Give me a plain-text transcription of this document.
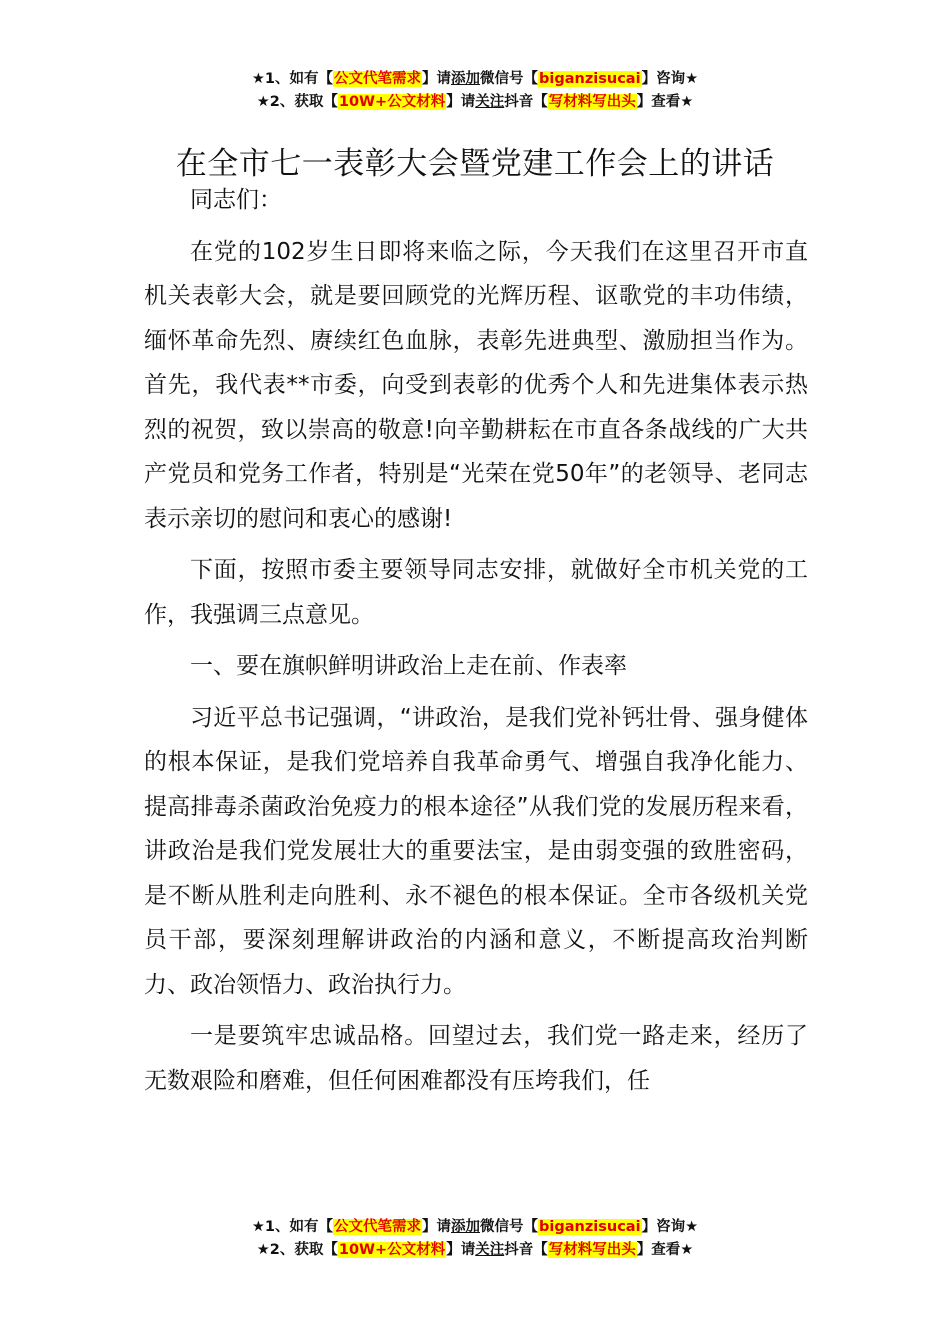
★1、如有【公文代笔需求】请添加微信号【biganzisucai】咨询★
★2、获取【10W+公文材料】请关注抖音【写材料写出头】查看★
在全市七一表彰大会暨党建工作会上的讲话

同志们：

在党的102岁生日即将来临之际，今天我们在这里召开市直机关表彰大会，就是要回顾党的光辉历程、讴歌党的丰功伟绩，缅怀革命先烈、赓续红色血脉，表彰先进典型、激励担当作为。首先，我代表**市委，向受到表彰的优秀个人和先进集体表示热烈的祝贺，致以崇高的敬意!向辛勤耕耘在市直各条战线的广大共产党员和党务工作者，特别是“光荣在党50年”的老领导、老同志表示亲切的慰问和衷心的感谢!

下面，按照市委主要领导同志安排，就做好全市机关党的工作，我强调三点意见。

一、要在旗帜鲜明讲政治上走在前、作表率

习近平总书记强调，“讲政治，是我们党补钙壮骨、强身健体的根本保证，是我们党培养自我革命勇气、增强自我净化能力、提高排毒杀菌政治免疫力的根本途径”从我们党的发展历程来看，讲政治是我们党发展壮大的重要法宝，是由弱变强的致胜密码，是不断从胜利走向胜利、永不褪色的根本保证。全市各级机关党员干部，要深刻理解讲政治的内涵和意义，不断提高玫治判断力、政冶领悟力、政治执行力。

一是要筑牢忠诚品格。回望过去，我们党一路走来，经历了无数艰险和磨难，但任何困难都没有压垮我们，任

★1、如有【公文代笔需求】请添加微信号【biganzisucai】咨询★
★2、获取【10W+公文材料】请关注抖音【写材料写出头】查看★
